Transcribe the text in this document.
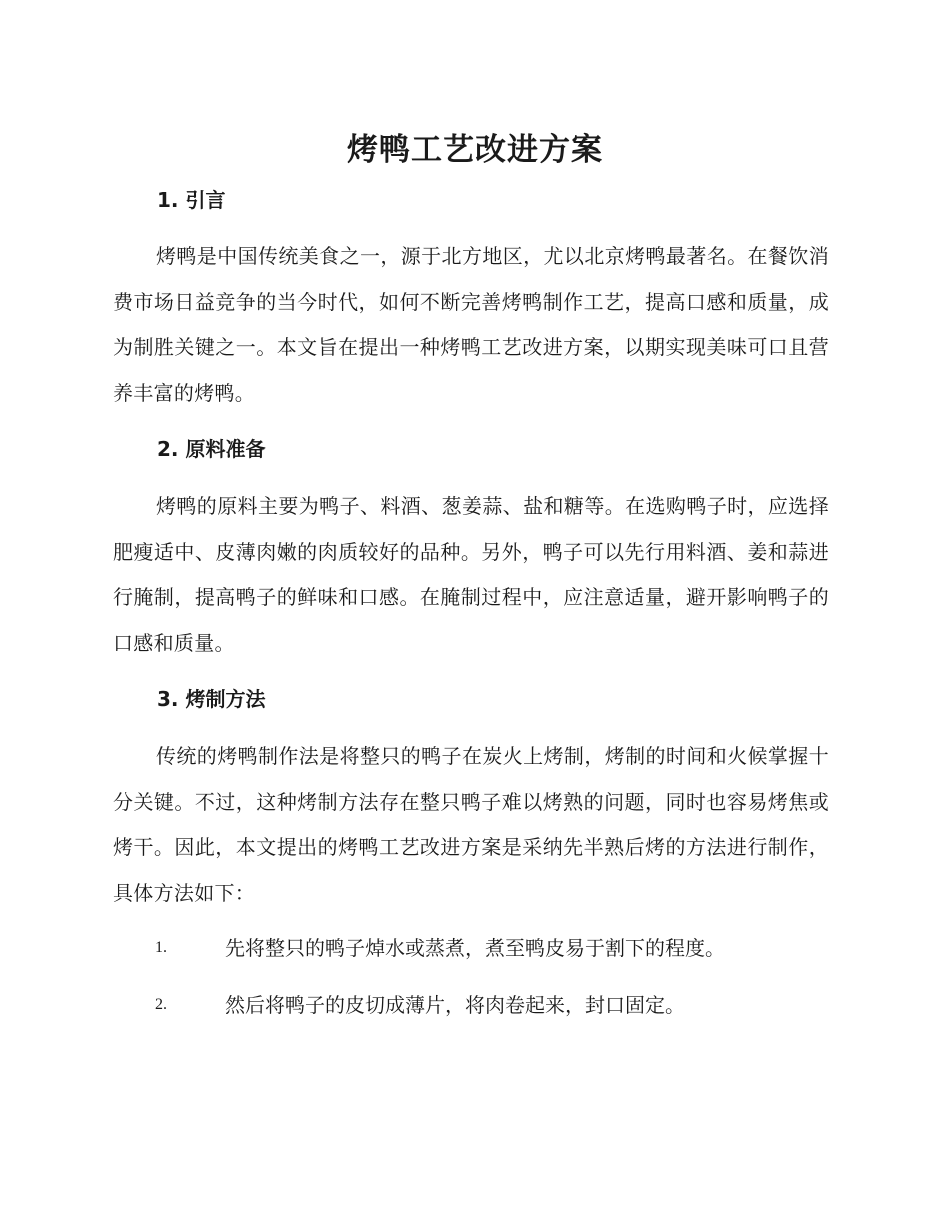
烤鸭工艺改进方案
1. 引言

烤鸭是中国传统美食之一，源于北方地区，尤以北京烤鸭最著名。在餐饮消费市场日益竞争的当今时代，如何不断完善烤鸭制作工艺，提高口感和质量，成为制胜关键之一。本文旨在提出一种烤鸭工艺改进方案，以期实现美味可口且营养丰富的烤鸭。

2. 原料准备

烤鸭的原料主要为鸭子、料酒、葱姜蒜、盐和糖等。在选购鸭子时，应选择肥瘦适中、皮薄肉嫩的肉质较好的品种。另外，鸭子可以先行用料酒、姜和蒜进行腌制，提高鸭子的鲜味和口感。在腌制过程中，应注意适量，避开影响鸭子的口感和质量。

3. 烤制方法

传统的烤鸭制作法是将整只的鸭子在炭火上烤制，烤制的时间和火候掌握十分关键。不过，这种烤制方法存在整只鸭子难以烤熟的问题，同时也容易烤焦或烤干。因此，本文提出的烤鸭工艺改进方案是采纳先半熟后烤的方法进行制作，具体方法如下：

1.	先将整只的鸭子焯水或蒸煮，煮至鸭皮易于割下的程度。
2.	然后将鸭子的皮切成薄片，将肉卷起来，封口固定。
